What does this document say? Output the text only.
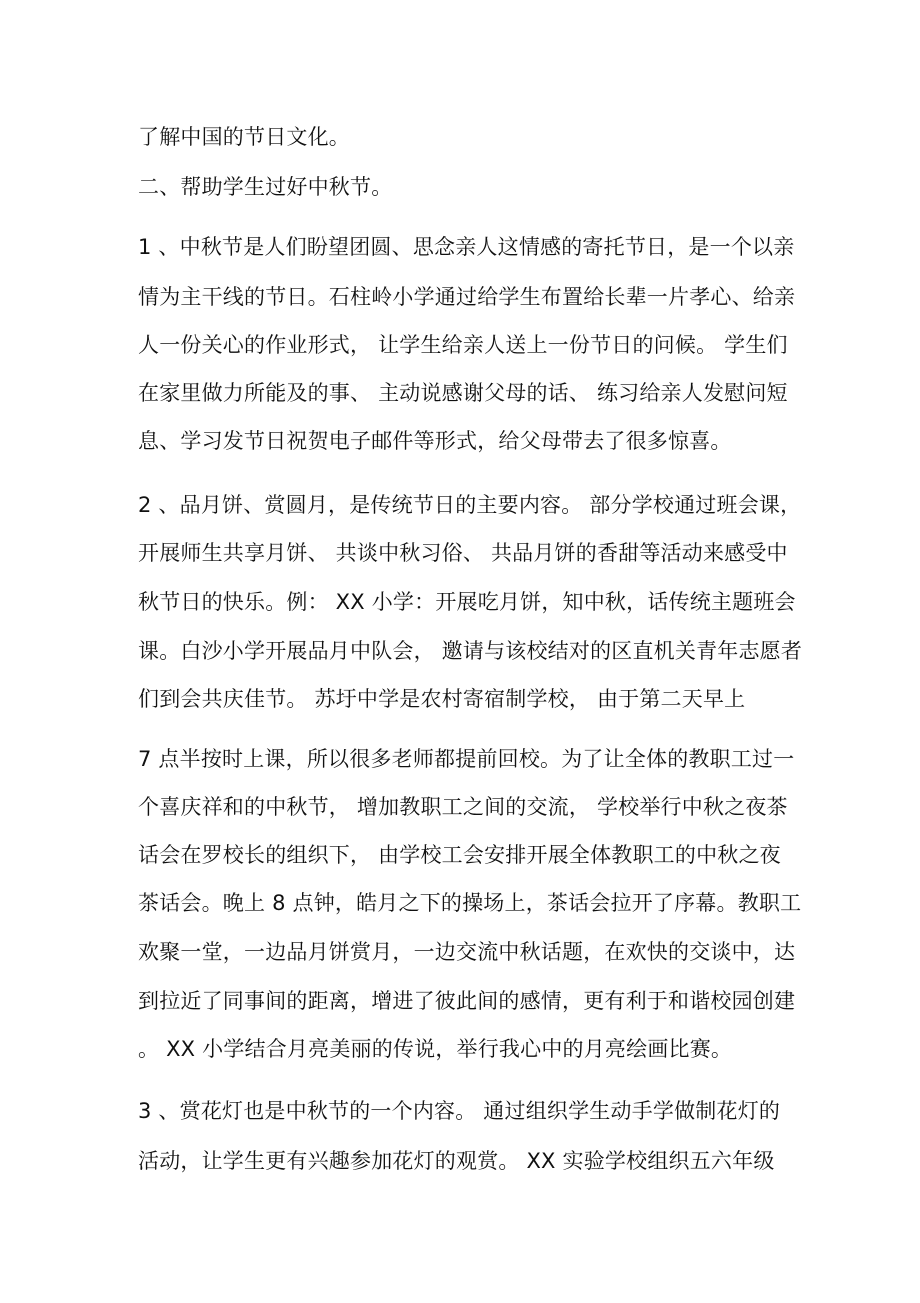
了解中国的节日文化。
二、帮助学生过好中秋节。
1 、中秋节是人们盼望团圆、思念亲人这情感的寄托节日，是一个以亲
情为主干线的节日。石柱岭小学通过给学生布置给长辈一片孝心、给亲
人一份关心的作业形式， 让学生给亲人送上一份节日的问候。 学生们
在家里做力所能及的事、 主动说感谢父母的话、 练习给亲人发慰问短
息、学习发节日祝贺电子邮件等形式，给父母带去了很多惊喜。
2 、品月饼、赏圆月，是传统节日的主要内容。 部分学校通过班会课，
开展师生共享月饼、 共谈中秋习俗、 共品月饼的香甜等活动来感受中
秋节日的快乐。例： XX 小学：开展吃月饼，知中秋，话传统主题班会
课。白沙小学开展品月中队会， 邀请与该校结对的区直机关青年志愿者
们到会共庆佳节。 苏圩中学是农村寄宿制学校， 由于第二天早上
7 点半按时上课，所以很多老师都提前回校。为了让全体的教职工过一
个喜庆祥和的中秋节， 增加教职工之间的交流， 学校举行中秋之夜茶
话会在罗校长的组织下， 由学校工会安排开展全体教职工的中秋之夜
茶话会。晚上 8 点钟，皓月之下的操场上，茶话会拉开了序幕。教职工
欢聚一堂，一边品月饼赏月，一边交流中秋话题，在欢快的交谈中，达
到拉近了同事间的距离，增进了彼此间的感情，更有利于和谐校园创建
。 XX 小学结合月亮美丽的传说，举行我心中的月亮绘画比赛。
3 、赏花灯也是中秋节的一个内容。 通过组织学生动手学做制花灯的
活动，让学生更有兴趣参加花灯的观赏。 XX 实验学校组织五六年级
